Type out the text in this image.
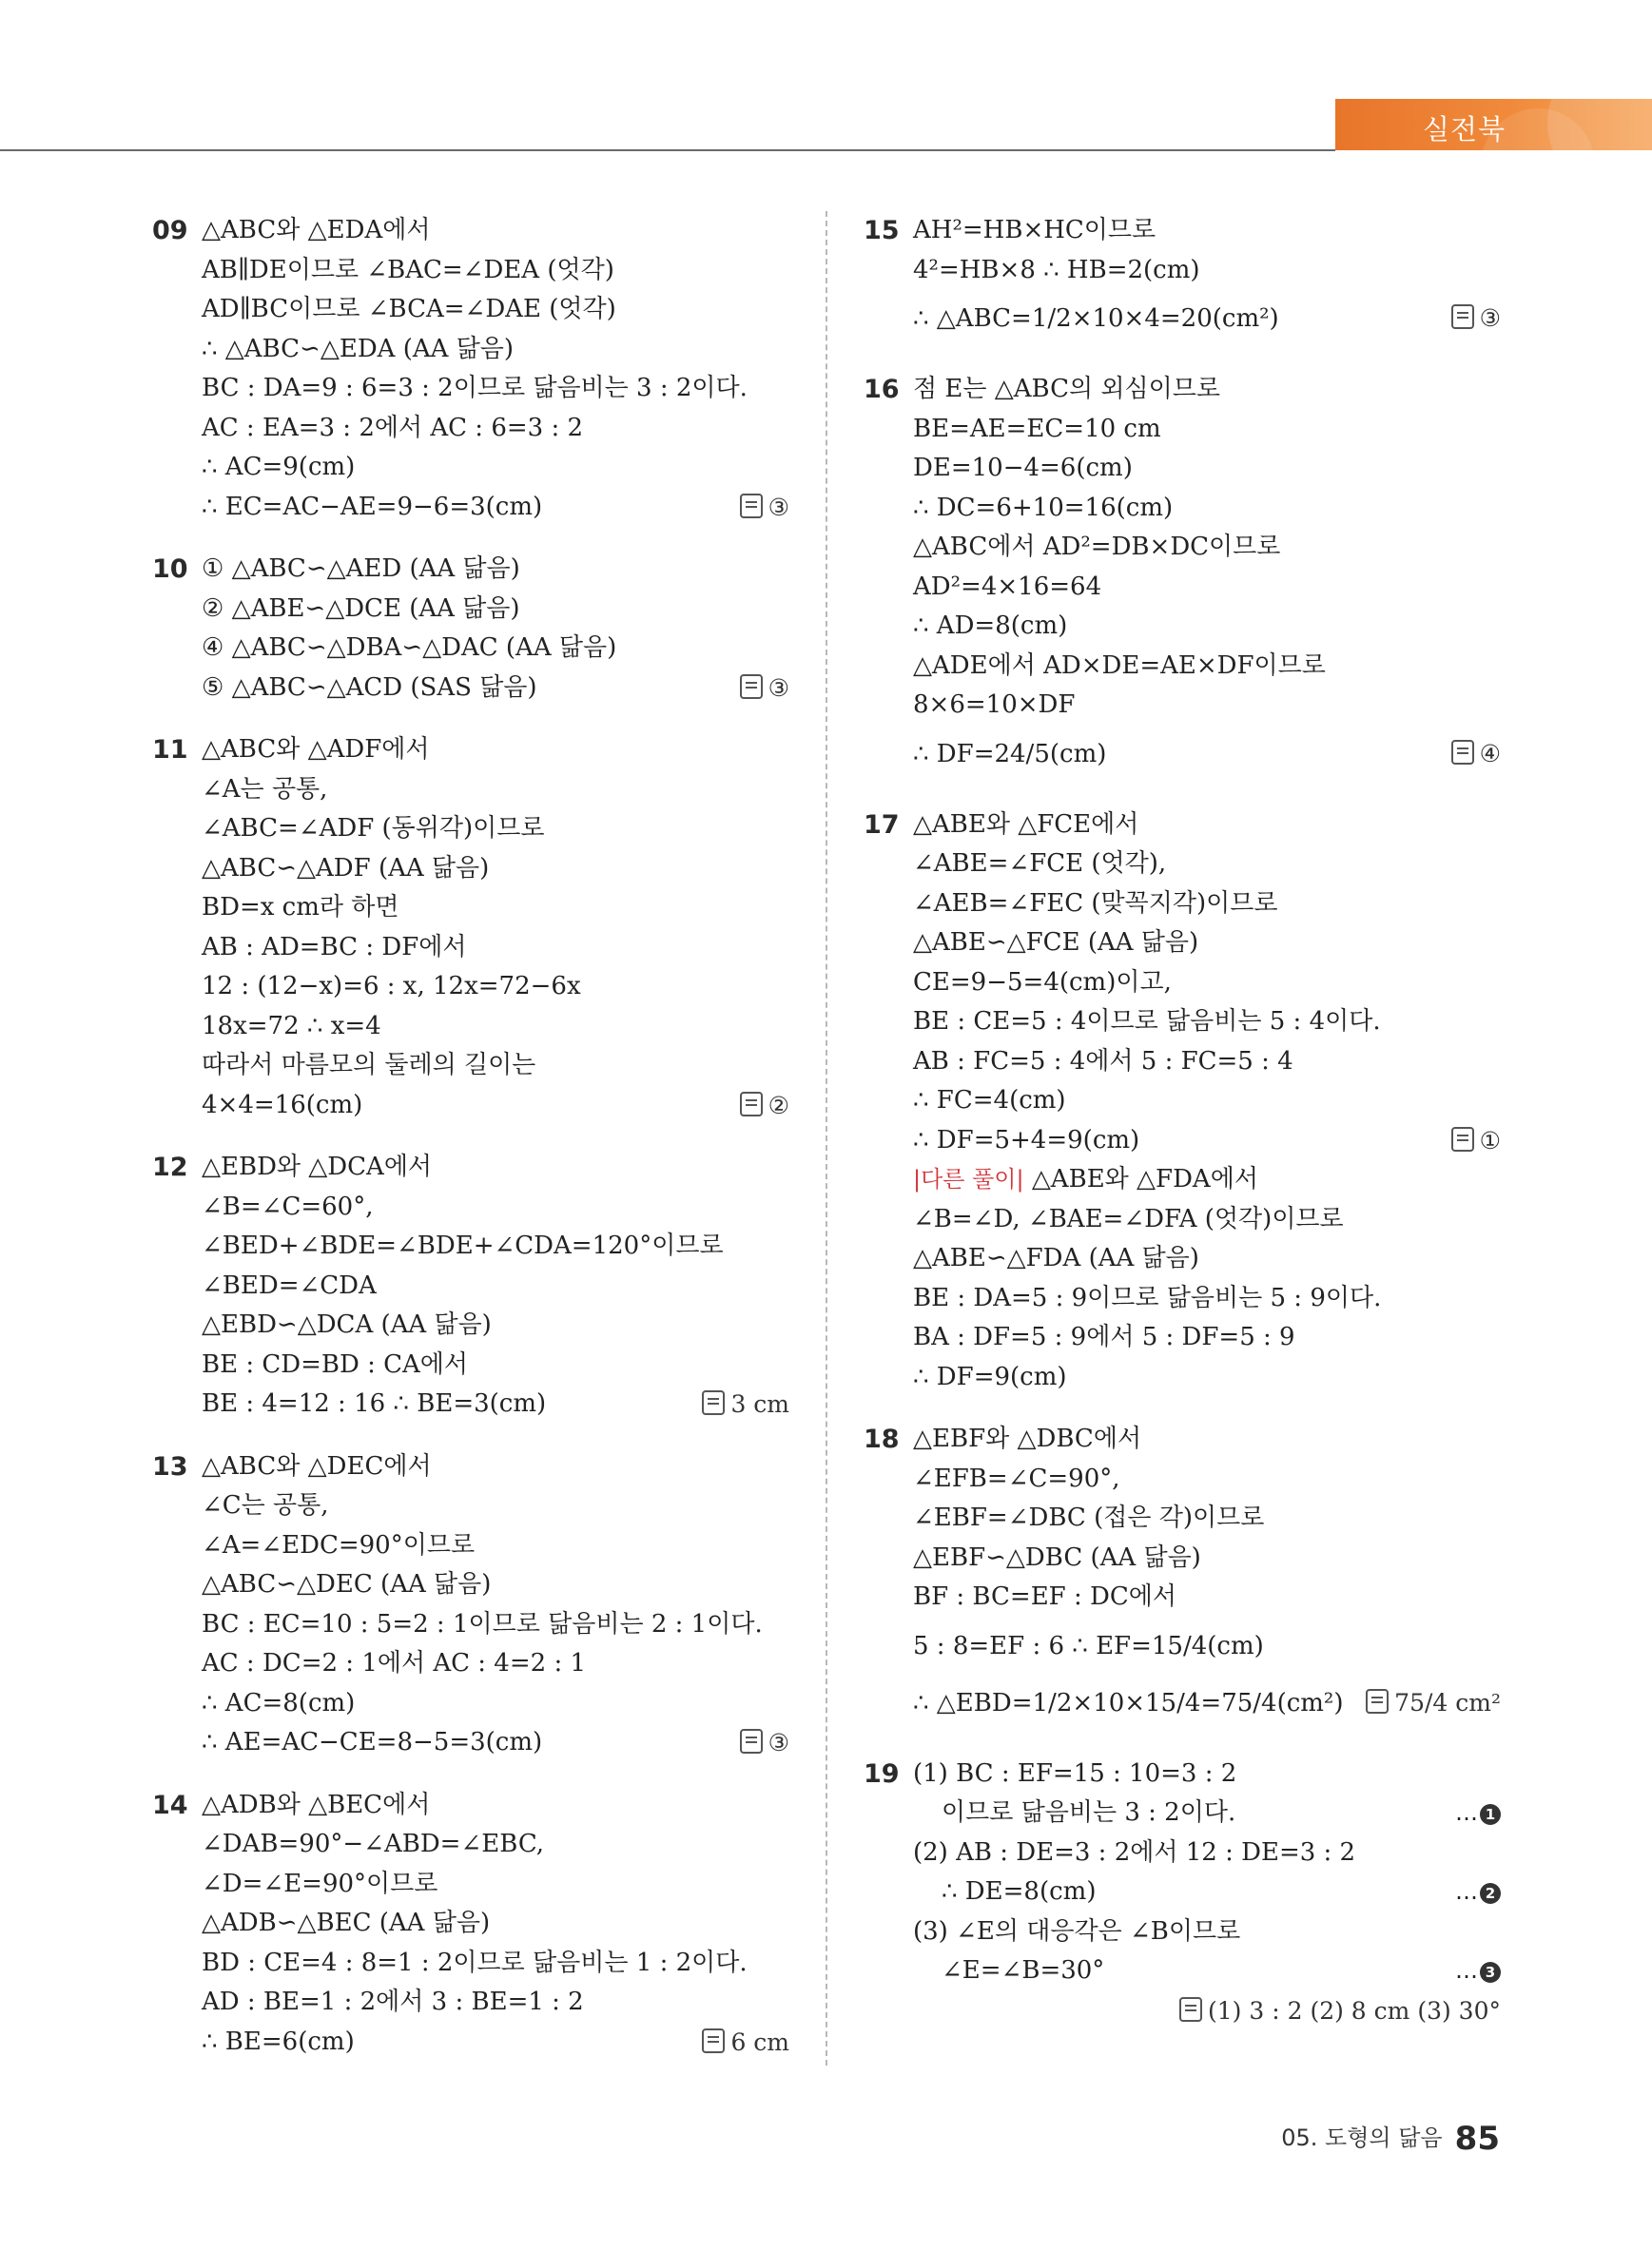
실전북
09 △ABC와 △EDA에서
AB∥DE이므로 ∠BAC=∠DEA (엇각)
AD∥BC이므로 ∠BCA=∠DAE (엇각)
∴ △ABC∽△EDA (AA 닮음)
BC : DA=9 : 6=3 : 2이므로 닮음비는 3 : 2이다.
AC : EA=3 : 2에서 AC : 6=3 : 2
∴ AC=9(cm)
∴ EC=AC−AE=9−6=3(cm)	③
10 ① △ABC∽△AED (AA 닮음)
② △ABE∽△DCE (AA 닮음)
④ △ABC∽△DBA∽△DAC (AA 닮음)
⑤ △ABC∽△ACD (SAS 닮음)	③
11 △ABC와 △ADF에서
∠A는 공통,
∠ABC=∠ADF (동위각)이므로
△ABC∽△ADF (AA 닮음)
BD=x cm라 하면
AB : AD=BC : DF에서
12 : (12−x)=6 : x, 12x=72−6x
18x=72 ∴ x=4
따라서 마름모의 둘레의 길이는
4×4=16(cm)	②
12 △EBD와 △DCA에서
∠B=∠C=60°,
∠BED+∠BDE=∠BDE+∠CDA=120°이므로
∠BED=∠CDA
△EBD∽△DCA (AA 닮음)
BE : CD=BD : CA에서
BE : 4=12 : 16 ∴ BE=3(cm)	3 cm
13 △ABC와 △DEC에서
∠C는 공통,
∠A=∠EDC=90°이므로
△ABC∽△DEC (AA 닮음)
BC : EC=10 : 5=2 : 1이므로 닮음비는 2 : 1이다.
AC : DC=2 : 1에서 AC : 4=2 : 1
∴ AC=8(cm)
∴ AE=AC−CE=8−5=3(cm)	③
14 △ADB와 △BEC에서
∠DAB=90°−∠ABD=∠EBC,
∠D=∠E=90°이므로
△ADB∽△BEC (AA 닮음)
BD : CE=4 : 8=1 : 2이므로 닮음비는 1 : 2이다.
AD : BE=1 : 2에서 3 : BE=1 : 2
∴ BE=6(cm)	6 cm
15 AH²=HB×HC이므로
4²=HB×8 ∴ HB=2(cm)
∴ △ABC=1/2×10×4=20(cm²)	③
16 점 E는 △ABC의 외심이므로
BE=AE=EC=10 cm
DE=10−4=6(cm)
∴ DC=6+10=16(cm)
△ABC에서 AD²=DB×DC이므로
AD²=4×16=64
∴ AD=8(cm)
△ADE에서 AD×DE=AE×DF이므로
8×6=10×DF
∴ DF=24/5(cm)	④
17 △ABE와 △FCE에서
∠ABE=∠FCE (엇각),
∠AEB=∠FEC (맞꼭지각)이므로
△ABE∽△FCE (AA 닮음)
CE=9−5=4(cm)이고,
BE : CE=5 : 4이므로 닮음비는 5 : 4이다.
AB : FC=5 : 4에서 5 : FC=5 : 4
∴ FC=4(cm)
∴ DF=5+4=9(cm)	①
|다른 풀이| △ABE와 △FDA에서
∠B=∠D, ∠BAE=∠DFA (엇각)이므로
△ABE∽△FDA (AA 닮음)
BE : DA=5 : 9이므로 닮음비는 5 : 9이다.
BA : DF=5 : 9에서 5 : DF=5 : 9
∴ DF=9(cm)
18 △EBF와 △DBC에서
∠EFB=∠C=90°,
∠EBF=∠DBC (접은 각)이므로
△EBF∽△DBC (AA 닮음)
BF : BC=EF : DC에서
5 : 8=EF : 6 ∴ EF=15/4(cm)
∴ △EBD=1/2×10×15/4=75/4(cm²)	75/4 cm²
19 (1) BC : EF=15 : 10=3 : 2
이므로 닮음비는 3 : 2이다.	… 1
(2) AB : DE=3 : 2에서 12 : DE=3 : 2
∴ DE=8(cm)	… 2
(3) ∠E의 대응각은 ∠B이므로
∠E=∠B=30°	… 3
(1) 3 : 2 (2) 8 cm (3) 30°
05. 도형의 닮음 85
